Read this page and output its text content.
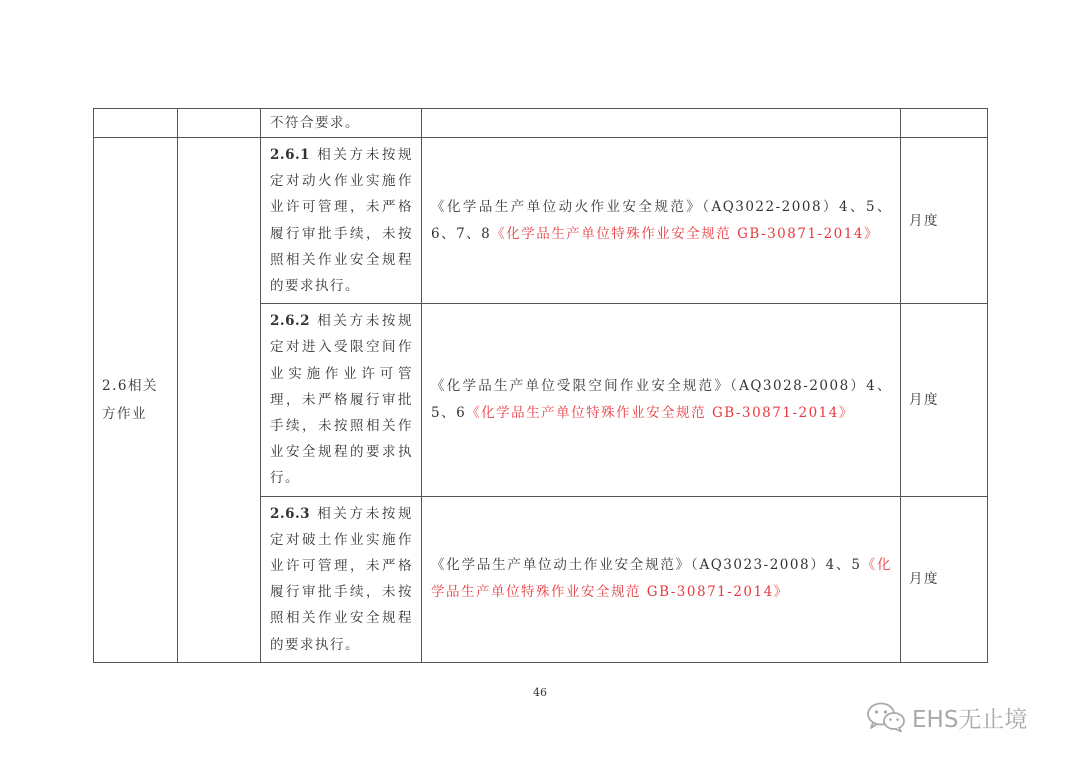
		不符合要求。		

2.6相关方作业		2.6.1 相关方未按规定对动火作业实施作业许可管理，未严格履行审批手续，未按照相关作业安全规程的要求执行。	《化学品生产单位动火作业安全规范》（AQ3022-2008）4、5、6、7、8《化学品生产单位特殊作业安全规范 GB-30871-2014》	月度

		2.6.2 相关方未按规定对进入受限空间作业实施作业许可管理，未严格履行审批手续，未按照相关作业安全规程的要求执行。	《化学品生产单位受限空间作业安全规范》（AQ3028-2008）4、5、6《化学品生产单位特殊作业安全规范 GB-30871-2014》	月度

		2.6.3 相关方未按规定对破土作业实施作业许可管理，未严格履行审批手续，未按照相关作业安全规程的要求执行。	《化学品生产单位动土作业安全规范》（AQ3023-2008）4、5《化学品生产单位特殊作业安全规范 GB-30871-2014》	月度
46
EHS无止境
